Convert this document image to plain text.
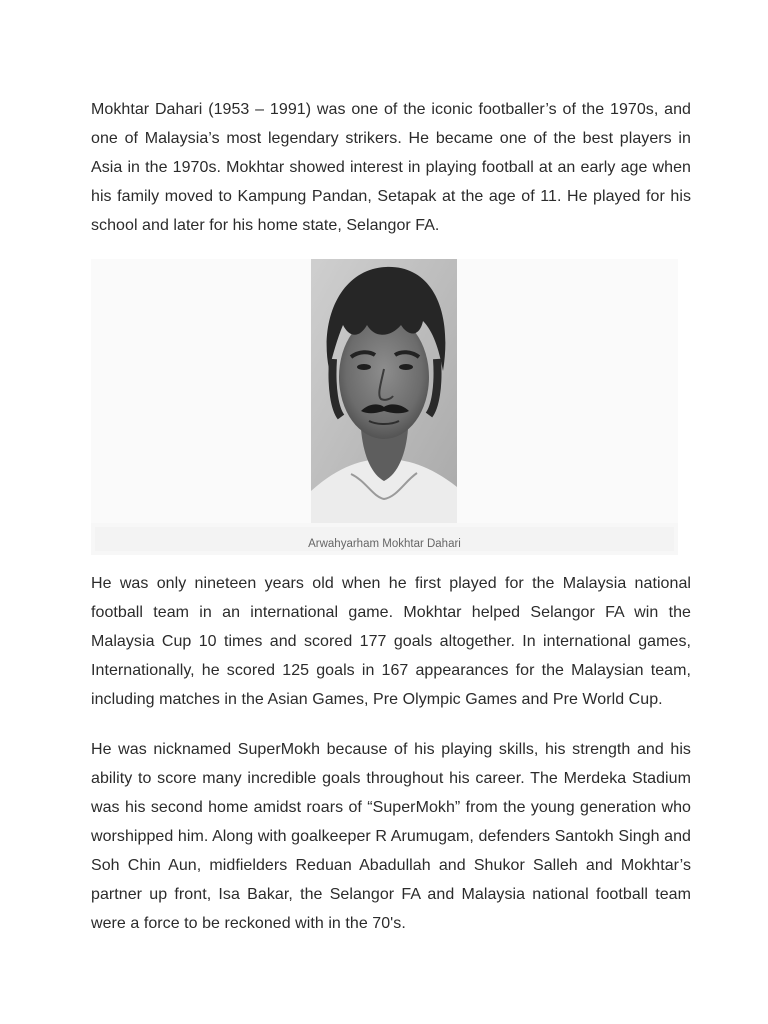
Mokhtar Dahari (1953 – 1991) was one of the iconic footballer’s of the 1970s, and one of Malaysia’s most legendary strikers. He became one of the best players in Asia in the 1970s. Mokhtar showed interest in playing football at an early age when his family moved to Kampung Pandan, Setapak at the age of 11. He played for his school and later for his home state, Selangor FA.

Arwahyarham Mokhtar Dahari

He was only nineteen years old when he first played for the Malaysia national football team in an international game. Mokhtar helped Selangor FA win the Malaysia Cup 10 times and scored 177 goals altogether. In international games, Internationally, he scored 125 goals in 167 appearances for the Malaysian team, including matches in the Asian Games, Pre Olympic Games and Pre World Cup.

He was nicknamed SuperMokh because of his playing skills, his strength and his ability to score many incredible goals throughout his career. The Merdeka Stadium was his second home amidst roars of “SuperMokh” from the young generation who worshipped him. Along with goalkeeper R Arumugam, defenders Santokh Singh and Soh Chin Aun, midfielders Reduan Abadullah and Shukor Salleh and Mokhtar’s partner up front, Isa Bakar, the Selangor FA and Malaysia national football team were a force to be reckoned with in the 70's.
